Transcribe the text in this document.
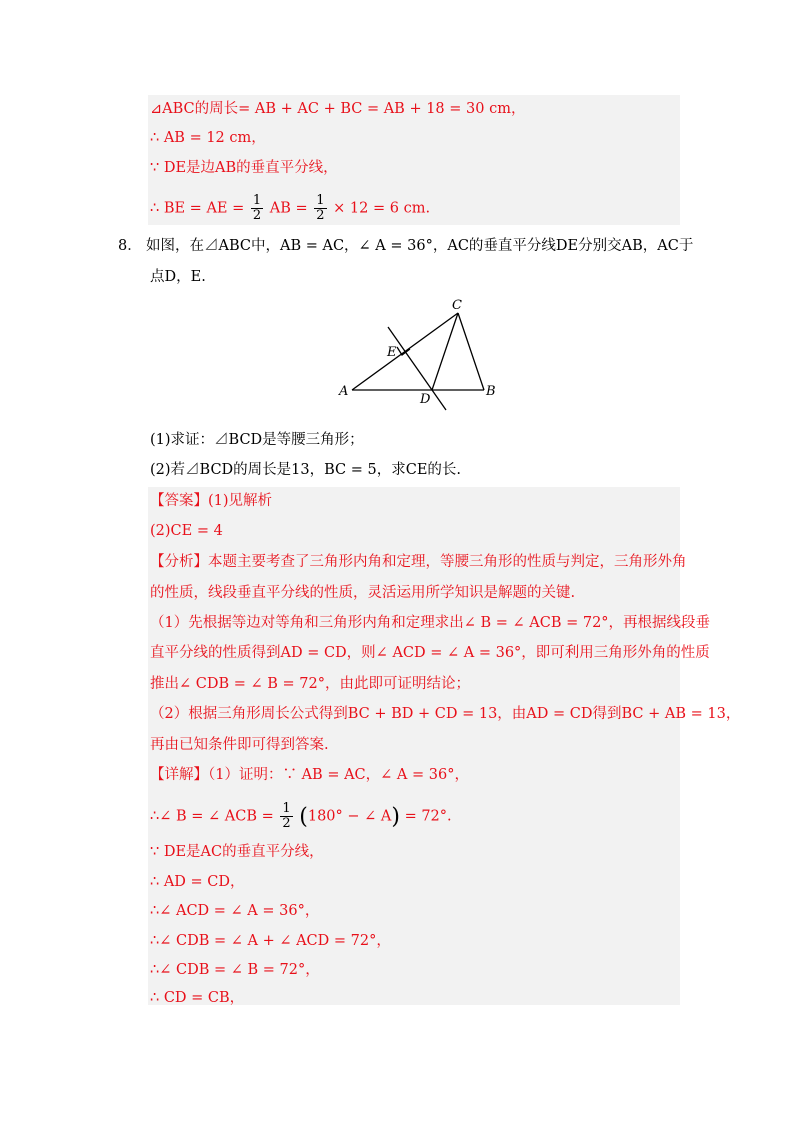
⊿ABC的周长= AB + AC + BC = AB + 18 = 30 cm，
∴ AB = 12 cm，
∵ DE是边AB的垂直平分线，
∴ BE = AE = $\frac{1}{2}$ AB = $\frac{1}{2} \times 12 = 6$ cm.
8． 如图，在⊿ABC中，AB = AC，∠ A = 36°，AC的垂直平分线DE分别交AB，AC于
点D，E.
C
E
A
D
B
(1)求证：⊿BCD是等腰三角形；
(2)若⊿BCD的周长是13，BC = 5，求CE的长.
【答案】(1)见解析
(2)CE = 4
【分析】本题主要考查了三角形内角和定理，等腰三角形的性质与判定，三角形外角
的性质，线段垂直平分线的性质，灵活运用所学知识是解题的关键.
（1）先根据等边对等角和三角形内角和定理求出∠ B = ∠ ACB = 72°，再根据线段垂
直平分线的性质得到AD = CD，则∠ ACD = ∠ A = 36°，即可利用三角形外角的性质
推出∠ CDB = ∠ B = 72°，由此即可证明结论；
（2）根据三角形周长公式得到BC + BD + CD = 13，由AD = CD得到BC + AB = 13，
再由已知条件即可得到答案.
【详解】（1）证明：∵ AB = AC，∠ A = 36°，
∴∠ B = ∠ ACB = $\frac{1}{2} (180^\circ$ − ∠ A) = 72°.
∵ DE是AC的垂直平分线，
∴ AD = CD，
∴∠ ACD = ∠ A = 36°，
∴∠ CDB = ∠ A + ∠ ACD = 72°，
∴∠ CDB = ∠ B = 72°，
∴ CD = CB，
